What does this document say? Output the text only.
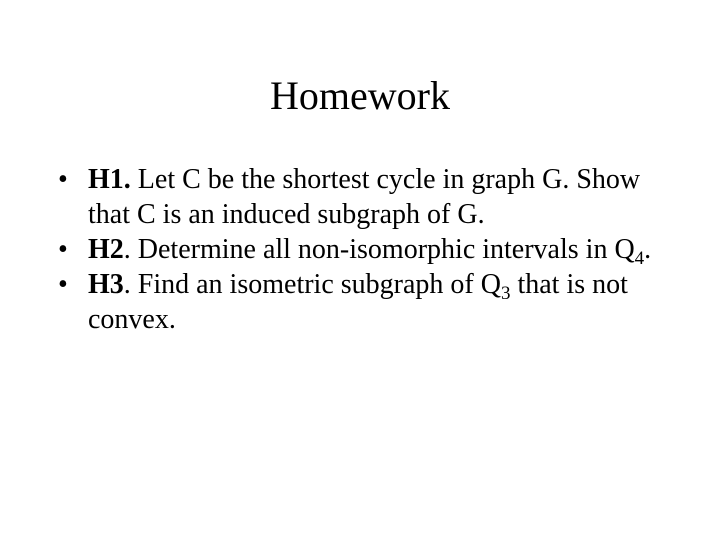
Homework
• H1. Let C be the shortest cycle in graph G. Show that C is an induced subgraph of G.
• H2. Determine all non-isomorphic intervals in $Q_4$.
• H3. Find an isometric subgraph of $Q_3$ that is not convex.
